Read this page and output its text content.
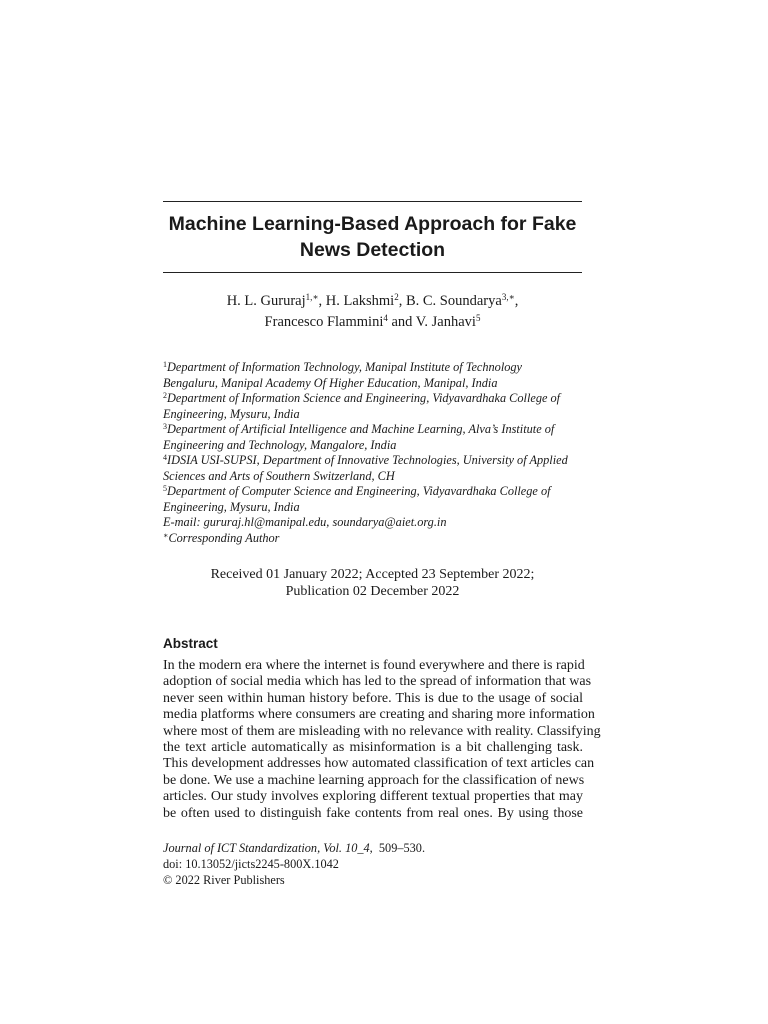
Machine Learning-Based Approach for Fake
News Detection
H. L. Gururaj$^{1,∗}$, H. Lakshmi$^2$, B. C. Soundarya$^{3,∗}$,
Francesco Flammini$^4$ and V. Janhavi$^5$
$^1$Department of Information Technology, Manipal Institute of Technology
Bengaluru, Manipal Academy Of Higher Education, Manipal, India
$^2$Department of Information Science and Engineering, Vidyavardhaka College of
Engineering, Mysuru, India
$^3$Department of Artificial Intelligence and Machine Learning, Alva’s Institute of
Engineering and Technology, Mangalore, India
$^4$IDSIA USI-SUPSI, Department of Innovative Technologies, University of Applied
Sciences and Arts of Southern Switzerland, CH
$^5$Department of Computer Science and Engineering, Vidyavardhaka College of
Engineering, Mysuru, India
E-mail: gururaj.hl@manipal.edu, soundarya@aiet.org.in
∗Corresponding Author
Received 01 January 2022; Accepted 23 September 2022;
Publication 02 December 2022
Abstract
In the modern era where the internet is found everywhere and there is rapid
adoption of social media which has led to the spread of information that was
never seen within human history before. This is due to the usage of social
media platforms where consumers are creating and sharing more information
where most of them are misleading with no relevance with reality. Classifying
the text article automatically as misinformation is a bit challenging task.
This development addresses how automated classification of text articles can
be done. We use a machine learning approach for the classification of news
articles. Our study involves exploring different textual properties that may
be often used to distinguish fake contents from real ones. By using those
Journal of ICT Standardization, Vol. 10_4, 509–530.
doi: 10.13052/jicts2245-800X.1042
© 2022 River Publishers
